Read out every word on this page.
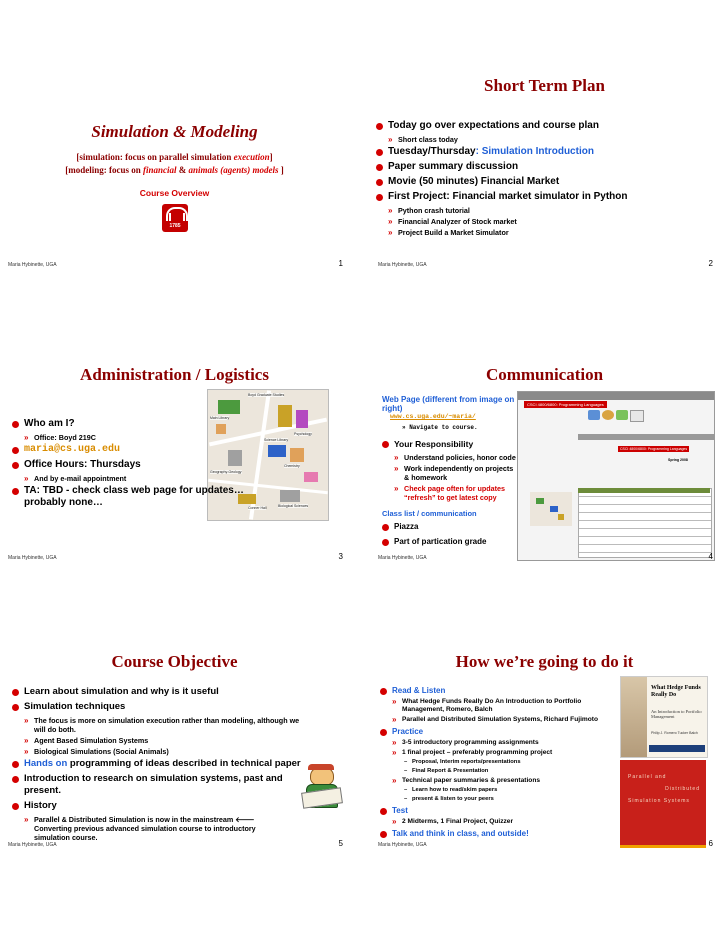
Simulation & Modeling
[simulation: focus on parallel simulation execution]
[modeling: focus on financial & animals (agents) models ]
Course Overview
1785
Maria Hybinette, UGA	1
Short Term Plan
Today go over expectations and course plan
» Short class today
Tuesday/Thursday: Simulation Introduction
Paper summary discussion
Movie (50 minutes) Financial Market
First Project: Financial market simulator in Python
» Python crash tutorial
» Financial Analyzer of Stock market
» Project Build a Market Simulator
Maria Hybinette, UGA	2
Administration / Logistics
Boyd Graduate Studies
Main Library
Psychology
Science Library
Chemistry
Geography-Geology
Conner Hall	Biological Sciences
Who am I?
» Office: Boyd 219C
maria@cs.uga.edu
Office Hours: Thursdays
» And by e-mail appointment
TA: TBD - check class web page for updates… probably none…
Maria Hybinette, UGA	3
Communication
CSCI 4800/6800: Programming Languages
CSCI 4800/6800: Programming Languages
Spring 2008
Web Page (different from image on right)
www.cs.uga.edu/~maria/
» Navigate to course.
Your Responsibility
» Understand policies, honor code
» Work independently on projects & homework
» Check page often for updates “refresh” to get latest copy
Class list / communication
Piazza
Part of partication grade
Maria Hybinette, UGA	4
Course Objective
Learn about simulation and why is it useful
Simulation techniques
» The focus is more on simulation execution rather than modeling, although we will do both.
» Agent Based Simulation Systems
» Biological Simulations (Social Animals)
Hands on programming of ideas described in technical paper
Introduction to research on simulation systems, past and present.
History
» Parallel & Distributed Simulation is now in the mainstream 🡐 Converting previous advanced simulation course to introductory simulation course.
Maria Hybinette, UGA	5
How we’re going to do it
Read & Listen
» What Hedge Funds Really Do An Introduction to Portfolio Management, Romero, Balch
» Parallel and Distributed Simulation Systems, Richard Fujimoto
Practice
» 3-5 introductory programming assignments
» 1 final project – preferably programming project
– Proposal, Interim reports/presentations
– Final Report & Presentation
» Technical paper summaries & presentations
– Learn how to read/skim papers
– present & listen to your peers
Test
» 2 Midterms, 1 Final Project, Quizzer
Talk and think in class, and outside!
What Hedge Funds Really Do
An Introduction to Portfolio Management
Philip J. Romero Tucker Balch
Parallel and
Distributed
Simulation Systems
Maria Hybinette, UGA	6
